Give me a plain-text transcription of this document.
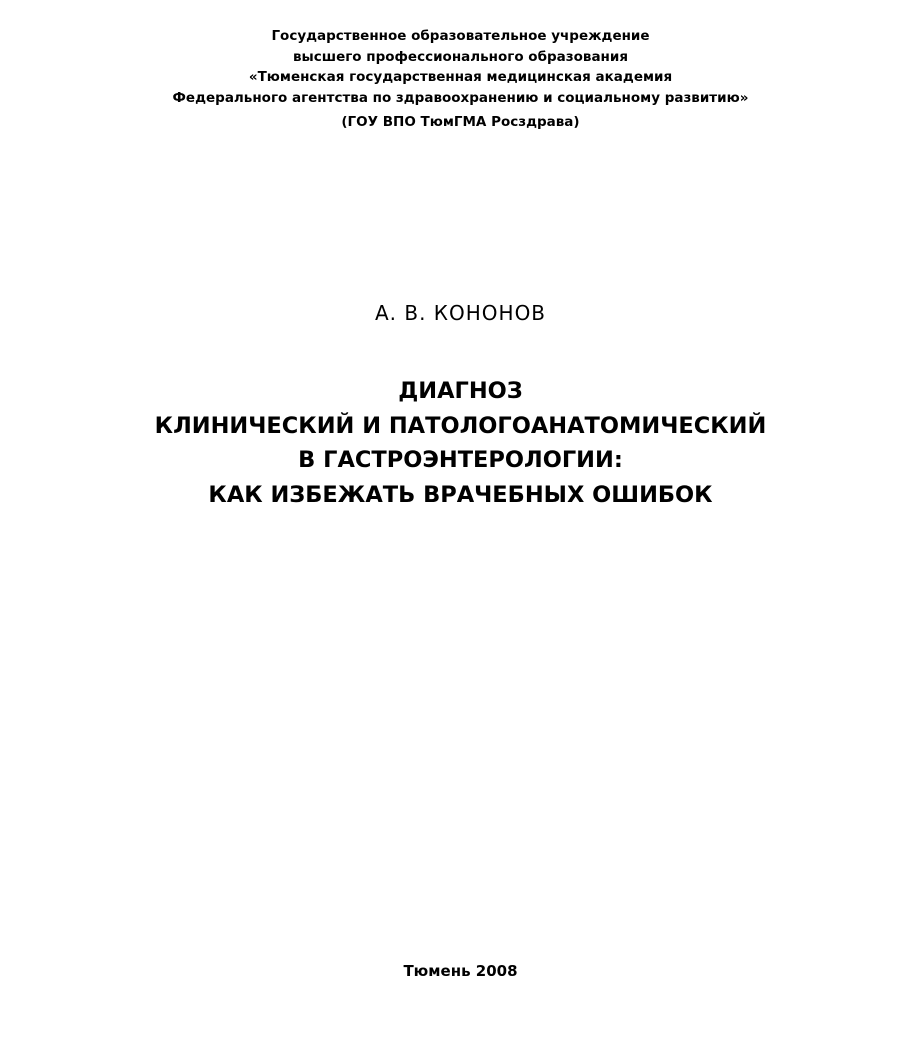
Государственное образовательное учреждение
высшего профессионального образования
«Тюменская государственная медицинская академия
Федерального агентства по здравоохранению и социальному развитию»
(ГОУ ВПО ТюмГМА Росздрава)
А. В. КОНОНОВ
ДИАГНОЗ
КЛИНИЧЕСКИЙ И ПАТОЛОГОАНАТОМИЧЕСКИЙ
В ГАСТРОЭНТЕРОЛОГИИ:
КАК ИЗБЕЖАТЬ ВРАЧЕБНЫХ ОШИБОК
Тюмень 2008
